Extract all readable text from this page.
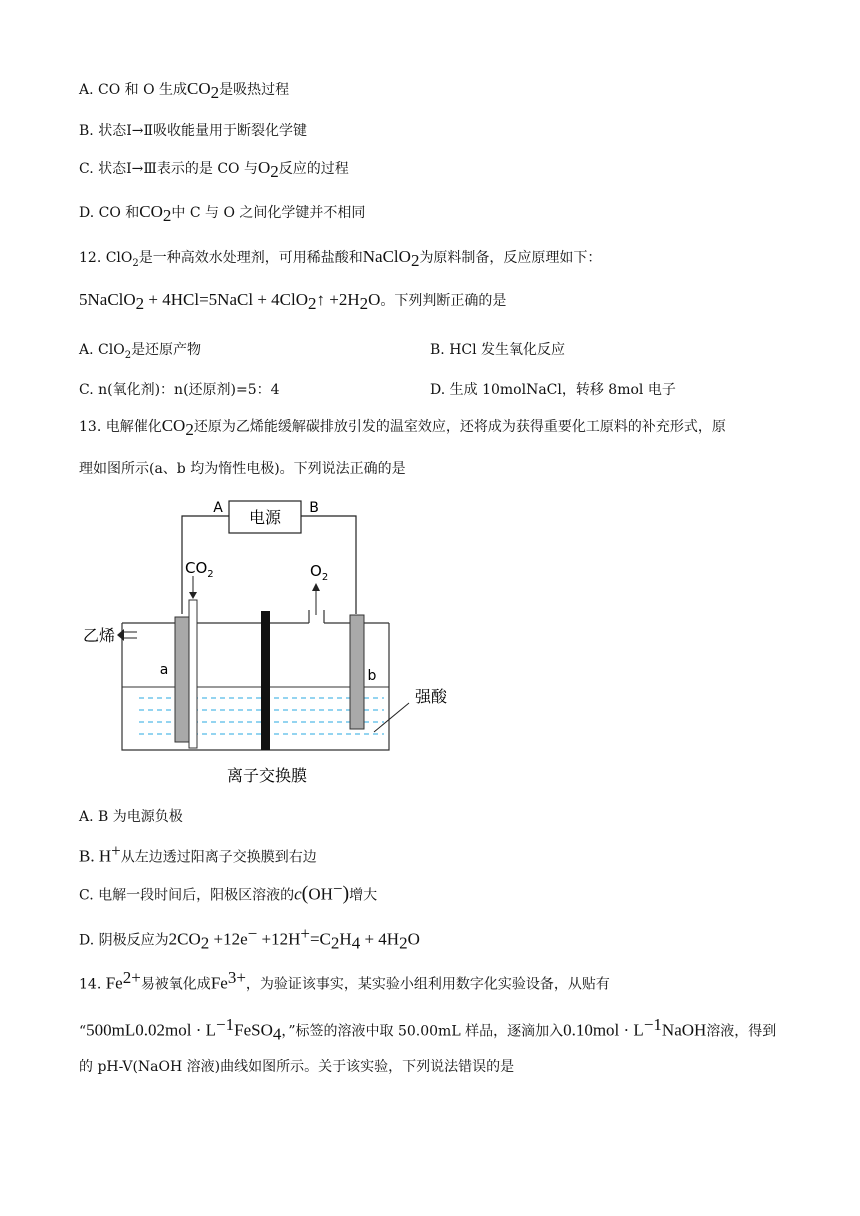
A. CO 和 O 生成$CO_2$是吸热过程
B. 状态Ⅰ→Ⅱ吸收能量用于断裂化学键
C. 状态Ⅰ→Ⅲ表示的是 CO 与$O_2$反应的过程
D. CO 和$CO_2$中 C 与 O 之间化学键并不相同
12. ClO$_2$是一种高效水处理剂，可用稀盐酸和NaClO$_2$为原料制备，反应原理如下：
5NaClO$_2$ + 4HCl=5NaCl + 4ClO$_2$↑ $+2H_2O$。下列判断正确的是
A. ClO$_2$是还原产物	B. HCl 发生氧化反应
C. n(氧化剂)：n(还原剂)=5：4	D. 生成 10molNaCl，转移 8mol 电子
13. 电解催化$CO_2$还原为乙烯能缓解碳排放引发的温室效应，还将成为获得重要化工原料的补充形式，原
理如图所示(a、b 均为惰性电极)。下列说法正确的是
电源
A	B
a
$CO_2$
乙烯
离子交换膜
$O_2$
b
强酸
A. B 为电源负极
B. H+从左边透过阳离子交换膜到右边
C. 电解一段时间后，阳极区溶液的c(OH−)增大
D. 阴极反应为$2CO_2 +12e^- +12H^+=C_2H_4 + 4H_2O$
14. $Fe^{2+}$易被氧化成$Fe^{3+}$，为验证该事实，某实验小组利用数字化实验设备，从贴有
“$500mL0.02mol \cdot L^{-1}FeSO_4$，”标签的溶液中取 50.00mL 样品，逐滴加入$0.10mol \cdot L^{-1}NaOH$溶液，得到
的 pH-V(NaOH 溶液)曲线如图所示。关于该实验，下列说法错误的是
